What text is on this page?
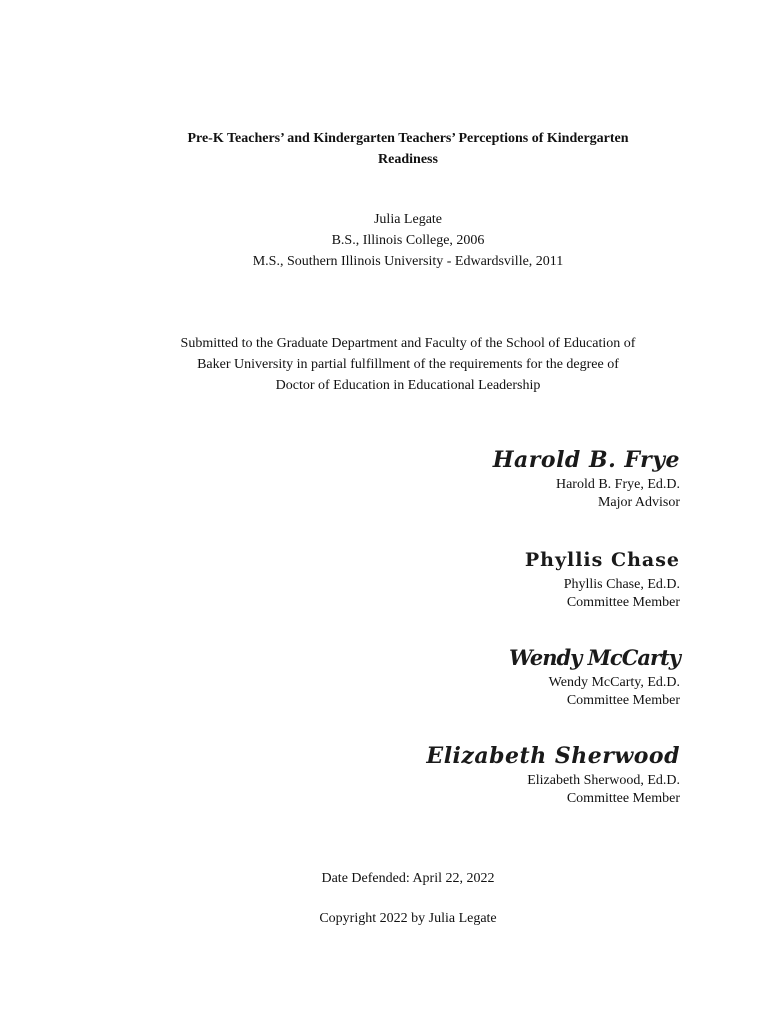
Pre-K Teachers’ and Kindergarten Teachers’ Perceptions of Kindergarten
Readiness
Julia Legate
B.S., Illinois College, 2006
M.S., Southern Illinois University - Edwardsville, 2011
Submitted to the Graduate Department and Faculty of the School of Education of
Baker University in partial fulfillment of the requirements for the degree of
Doctor of Education in Educational Leadership
Harold B. Frye
Harold B. Frye, Ed.D.
Major Advisor
Phyllis Chase
Phyllis Chase, Ed.D.
Committee Member
Wendy McCarty
Wendy McCarty, Ed.D.
Committee Member
Elizabeth Sherwood
Elizabeth Sherwood, Ed.D.
Committee Member
Date Defended: April 22, 2022
Copyright 2022 by Julia Legate
